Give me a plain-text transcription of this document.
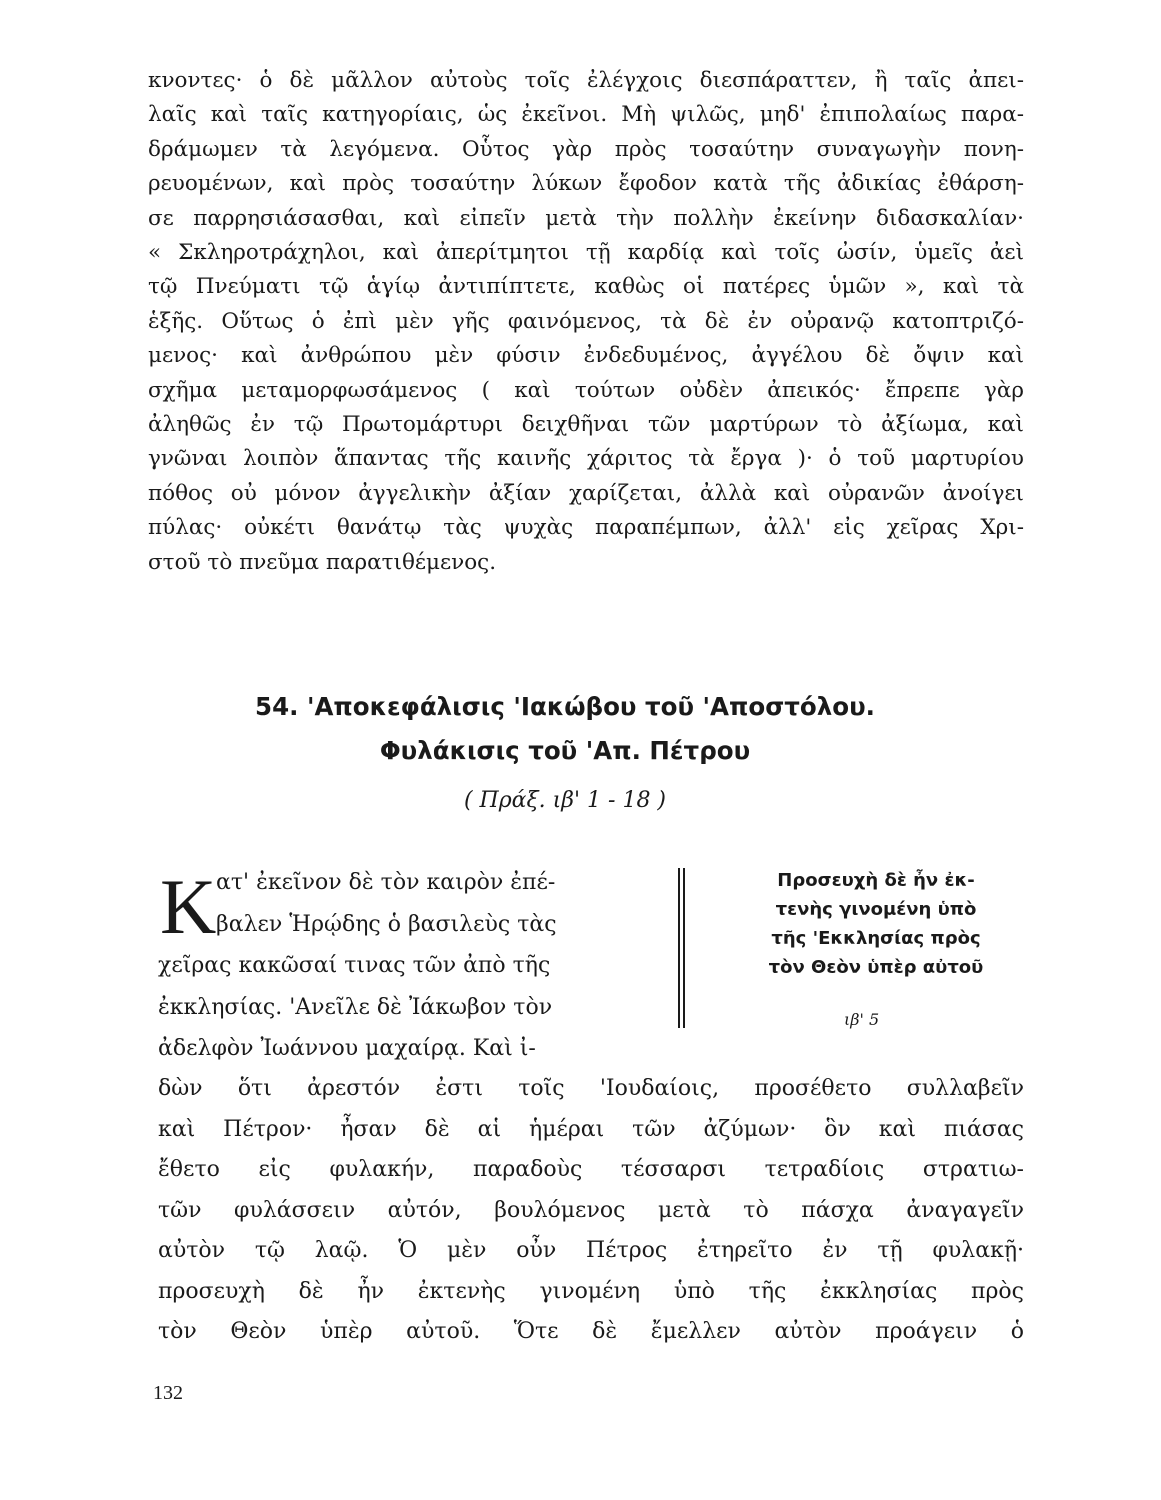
κνοντες· ὁ δὲ μᾶλλον αὐτοὺς τοῖς ἐλέγχοις διεσπάραττεν, ἢ ταῖς ἀπει-
λαῖς καὶ ταῖς κατηγορίαις, ὡς ἐκεῖνοι. Μὴ ψιλῶς, μηδ' ἐπιπολαίως παρα-
δράμωμεν τὰ λεγόμενα. Οὗτος γὰρ πρὸς τοσαύτην συναγωγὴν πονη-
ρευομένων, καὶ πρὸς τοσαύτην λύκων ἔφοδον κατὰ τῆς ἀδικίας ἐθάρση-
σε παρρησιάσασθαι, καὶ εἰπεῖν μετὰ τὴν πολλὴν ἐκείνην διδασκαλίαν·
« Σκληροτράχηλοι, καὶ ἀπερίτμητοι τῇ καρδίᾳ καὶ τοῖς ὠσίν, ὑμεῖς ἀεὶ
τῷ Πνεύματι τῷ ἁγίῳ ἀντιπίπτετε, καθὼς οἱ πατέρες ὑμῶν », καὶ τὰ
ἑξῆς. Οὕτως ὁ ἐπὶ μὲν γῆς φαινόμενος, τὰ δὲ ἐν οὐρανῷ κατοπτριζό-
μενος· καὶ ἀνθρώπου μὲν φύσιν ἐνδεδυμένος, ἀγγέλου δὲ ὄψιν καὶ
σχῆμα μεταμορφωσάμενος ( καὶ τούτων οὐδὲν ἀπεικός· ἔπρεπε γὰρ
ἀληθῶς ἐν τῷ Πρωτομάρτυρι δειχθῆναι τῶν μαρτύρων τὸ ἀξίωμα, καὶ
γνῶναι λοιπὸν ἅπαντας τῆς καινῆς χάριτος τὰ ἔργα )· ὁ τοῦ μαρτυρίου
πόθος οὐ μόνον ἀγγελικὴν ἀξίαν χαρίζεται, ἀλλὰ καὶ οὐρανῶν ἀνοίγει
πύλας· οὐκέτι θανάτῳ τὰς ψυχὰς παραπέμπων, ἀλλ' εἰς χεῖρας Χρι-
στοῦ τὸ πνεῦμα παρατιθέμενος.
54. 'Αποκεφάλισις 'Ιακώβου τοῦ 'Αποστόλου.
Φυλάκισις τοῦ 'Απ. Πέτρου
( Πράξ. ιβ' 1 - 18 )
Κ ατ' ἐκεῖνον δὲ τὸν καιρὸν ἐπέ-
βαλεν Ἡρῴδης ὁ βασιλεὺς τὰς
χεῖρας κακῶσαί τινας τῶν ἀπὸ τῆς
ἐκκλησίας. 'Ανεῖλε δὲ Ἰάκωβον τὸν
ἀδελφὸν Ἰωάννου μαχαίρᾳ. Καὶ ἰ-
Προσευχὴ δὲ ἦν ἐκ-
τενὴς γινομένη ὑπὸ
τῆς 'Εκκλησίας πρὸς
τὸν Θεὸν ὑπὲρ αὐτοῦ
ιβ' 5
δὼν ὅτι ἀρεστόν ἐστι τοῖς 'Ιουδαίοις, προσέθετο συλλαβεῖν
καὶ Πέτρον· ἦσαν δὲ αἱ ἡμέραι τῶν ἀζύμων· ὃν καὶ πιάσας
ἔθετο εἰς φυλακήν, παραδοὺς τέσσαρσι τετραδίοις στρατιω-
τῶν φυλάσσειν αὐτόν, βουλόμενος μετὰ τὸ πάσχα ἀναγαγεῖν
αὐτὸν τῷ λαῷ. Ὁ μὲν οὖν Πέτρος ἐτηρεῖτο ἐν τῇ φυλακῇ·
προσευχὴ δὲ ἦν ἐκτενὴς γινομένη ὑπὸ τῆς ἐκκλησίας πρὸς
τὸν Θεὸν ὑπὲρ αὐτοῦ. Ὅτε δὲ ἔμελλεν αὐτὸν προάγειν ὁ
132
